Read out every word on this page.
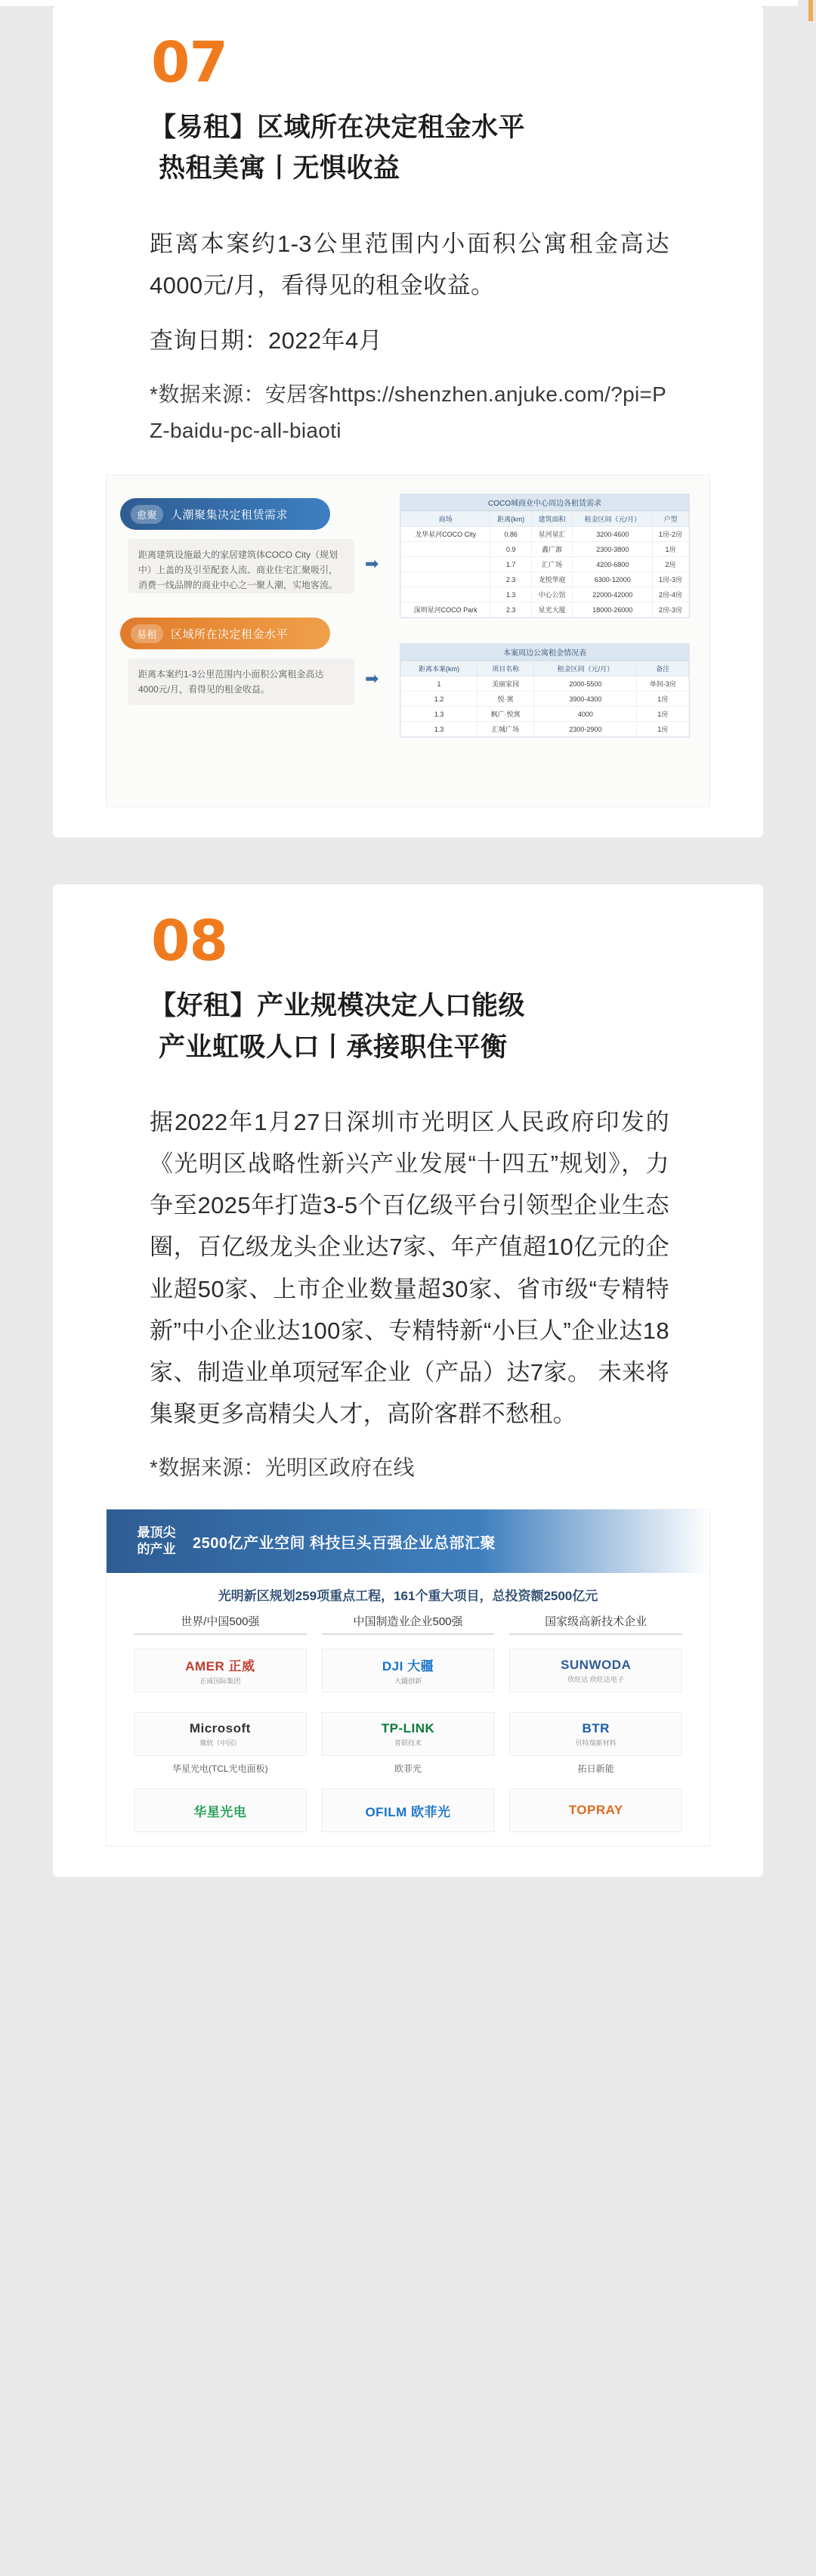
07
【易租】区域所在决定租金水平
热租美寓丨无惧收益
距离本案约1-3公里范围内小面积公寓租金高达4000元/月，看得见的租金收益。
查询日期：2022年4月
*数据来源：安居客https://shenzhen.anjuke.com/?pi=PZ-baidu-pc-all-biaoti
愈聚	人潮聚集决定租赁需求
易租	区域所在决定租金水平
距离建筑设施最大的家居建筑体COCO City（规划中）上盖的及引至配套人流、商业住宅汇聚吸引，消费一线品牌的商业中心之一聚人潮，实地客流。
距离本案约1-3公里范围内小面积公寓租金高达4000元/月，看得见的租金收益。
➡
➡
COCO城商业中心周边各租赁需求
商场	距离(km)	建筑面积	租金区间（元/月）	户型
龙华星河COCO City	0.86	星河星汇	3200-4600	1房-2房
	0.9	鑫广源	2300-3800	1房
	1.7	汇广场	4200-6800	2房
	2.3	龙悦华庭	6300-12000	1房-3房
	1.3	中心公馆	22000-42000	2房-4房
深圳星河COCO Park	2.3	星光大厦	18000-26000	2房-3房
本案周边公寓租金情况表
距离本案(km)	项目名称	租金区间（元/月）	备注
1	美丽家园	2000-5500	单间-3房
1.2	悦·寓	3900-4300	1房
1.3	枫广·悦寓	4000	1房
1.3	汇城广场	2300-2900	1房
08
【好租】产业规模决定人口能级
产业虹吸人口丨承接职住平衡
据2022年1月27日深圳市光明区人民政府印发的《光明区战略性新兴产业发展“十四五”规划》，力争至2025年打造3-5个百亿级平台引领型企业生态圈，百亿级龙头企业达7家、年产值超10亿元的企业超50家、上市企业数量超30家、省市级“专精特新”中小企业达100家、专精特新“小巨人”企业达18家、制造业单项冠军企业（产品）达7家。 未来将集聚更多高精尖人才，高阶客群不愁租。
*数据来源：光明区政府在线
最顶尖
的产业	2500亿产业空间 科技巨头百强企业总部汇聚
光明新区规划259项重点工程，161个重大项目，总投资额2500亿元
世界/中国500强	中国制造业企业500强	国家级高新技术企业
AMER 正威
正威国际集团
DJI 大疆
大疆创新
SUNWODA
欣旺达 欣旺达电子
Microsoft
微软（中国）
TP-LINK
普联技术
BTR
贝特瑞新材料
华星光电(TCL光电面板)	欧菲光	拓日新能
华星光电	OFILM 欧菲光	TOPRAY
